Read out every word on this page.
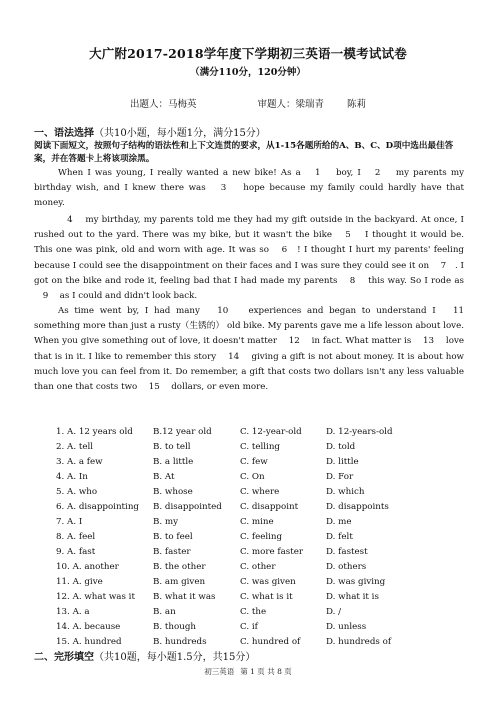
大广附2017-2018学年度下学期初三英语一模考试试卷
（满分110分，120分钟）
出题人：马梅英	审题人：梁瑞青 陈莉
一、语法选择（共10小题，每小题1分，满分15分）
阅读下面短文，按照句子结构的语法性和上下文连贯的要求，从1-15各题所给的A、B、C、D项中选出最佳答案，并在答题卡上将该项涂黑。
When I was young, I really wanted a new bike! As a 　1　 boy, I 　2　 my parents my birthday wish, and I knew there was 　3　 hope because my family could hardly have that money.
　4　 my birthday, my parents told me they had my gift outside in the backyard. At once, I rushed out to the yard. There was my bike, but it wasn't the bike 　5　 I thought it would be. This one was pink, old and worn with age. It was so 　6　! I thought I hurt my parents' feeling because I could see the disappointment on their faces and I was sure they could see it on 　7　. I got on the bike and rode it, feeling bad that I had made my parents 　8　 this way. So I rode as 　9　 as I could and didn't look back.
As time went by, I had many 　10　 experiences and began to understand I 　11　 something more than just a rusty（生锈的） old bike. My parents gave me a life lesson about love. When you give something out of love, it doesn't matter 　12　 in fact. What matter is 　13　 love that is in it. I like to remember this story 　14　 giving a gift is not about money. It is about how much love you can feel from it. Do remember, a gift that costs two dollars isn't any less valuable than one that costs two 　15　 dollars, or even more.
1. A. 12 years old B.12 year old	C. 12-year-old	D. 12-years-old
2. A. tell	B. to tell	C. telling	D. told
3. A. a few	B. a little	C. few	D. little
4. A. In	B. At	C. On	D. For
5. A. who	B. whose	C. where	D. which
6. A. disappointing B. disappointed C. disappoint	D. disappoints
7. A. I	B. my	C. mine	D. me
8. A. feel	B. to feel	C. feeling	D. felt
9. A. fast	B. faster	C. more faster	D. fastest
10. A. another	B. the other	C. other	D. others
11. A. give	B. am given	C. was given	D. was giving
12. A. what was it B. what it was	C. what is it	D. what it is
13. A. a	B. an	C. the	D. /
14. A. because	B. though	C. if	D. unless
15. A. hundred	B. hundreds	C. hundred of	D. hundreds of
二、完形填空（共10题，每小题1.5分，共15分）
初三英语 第 1 页 共 8 页
